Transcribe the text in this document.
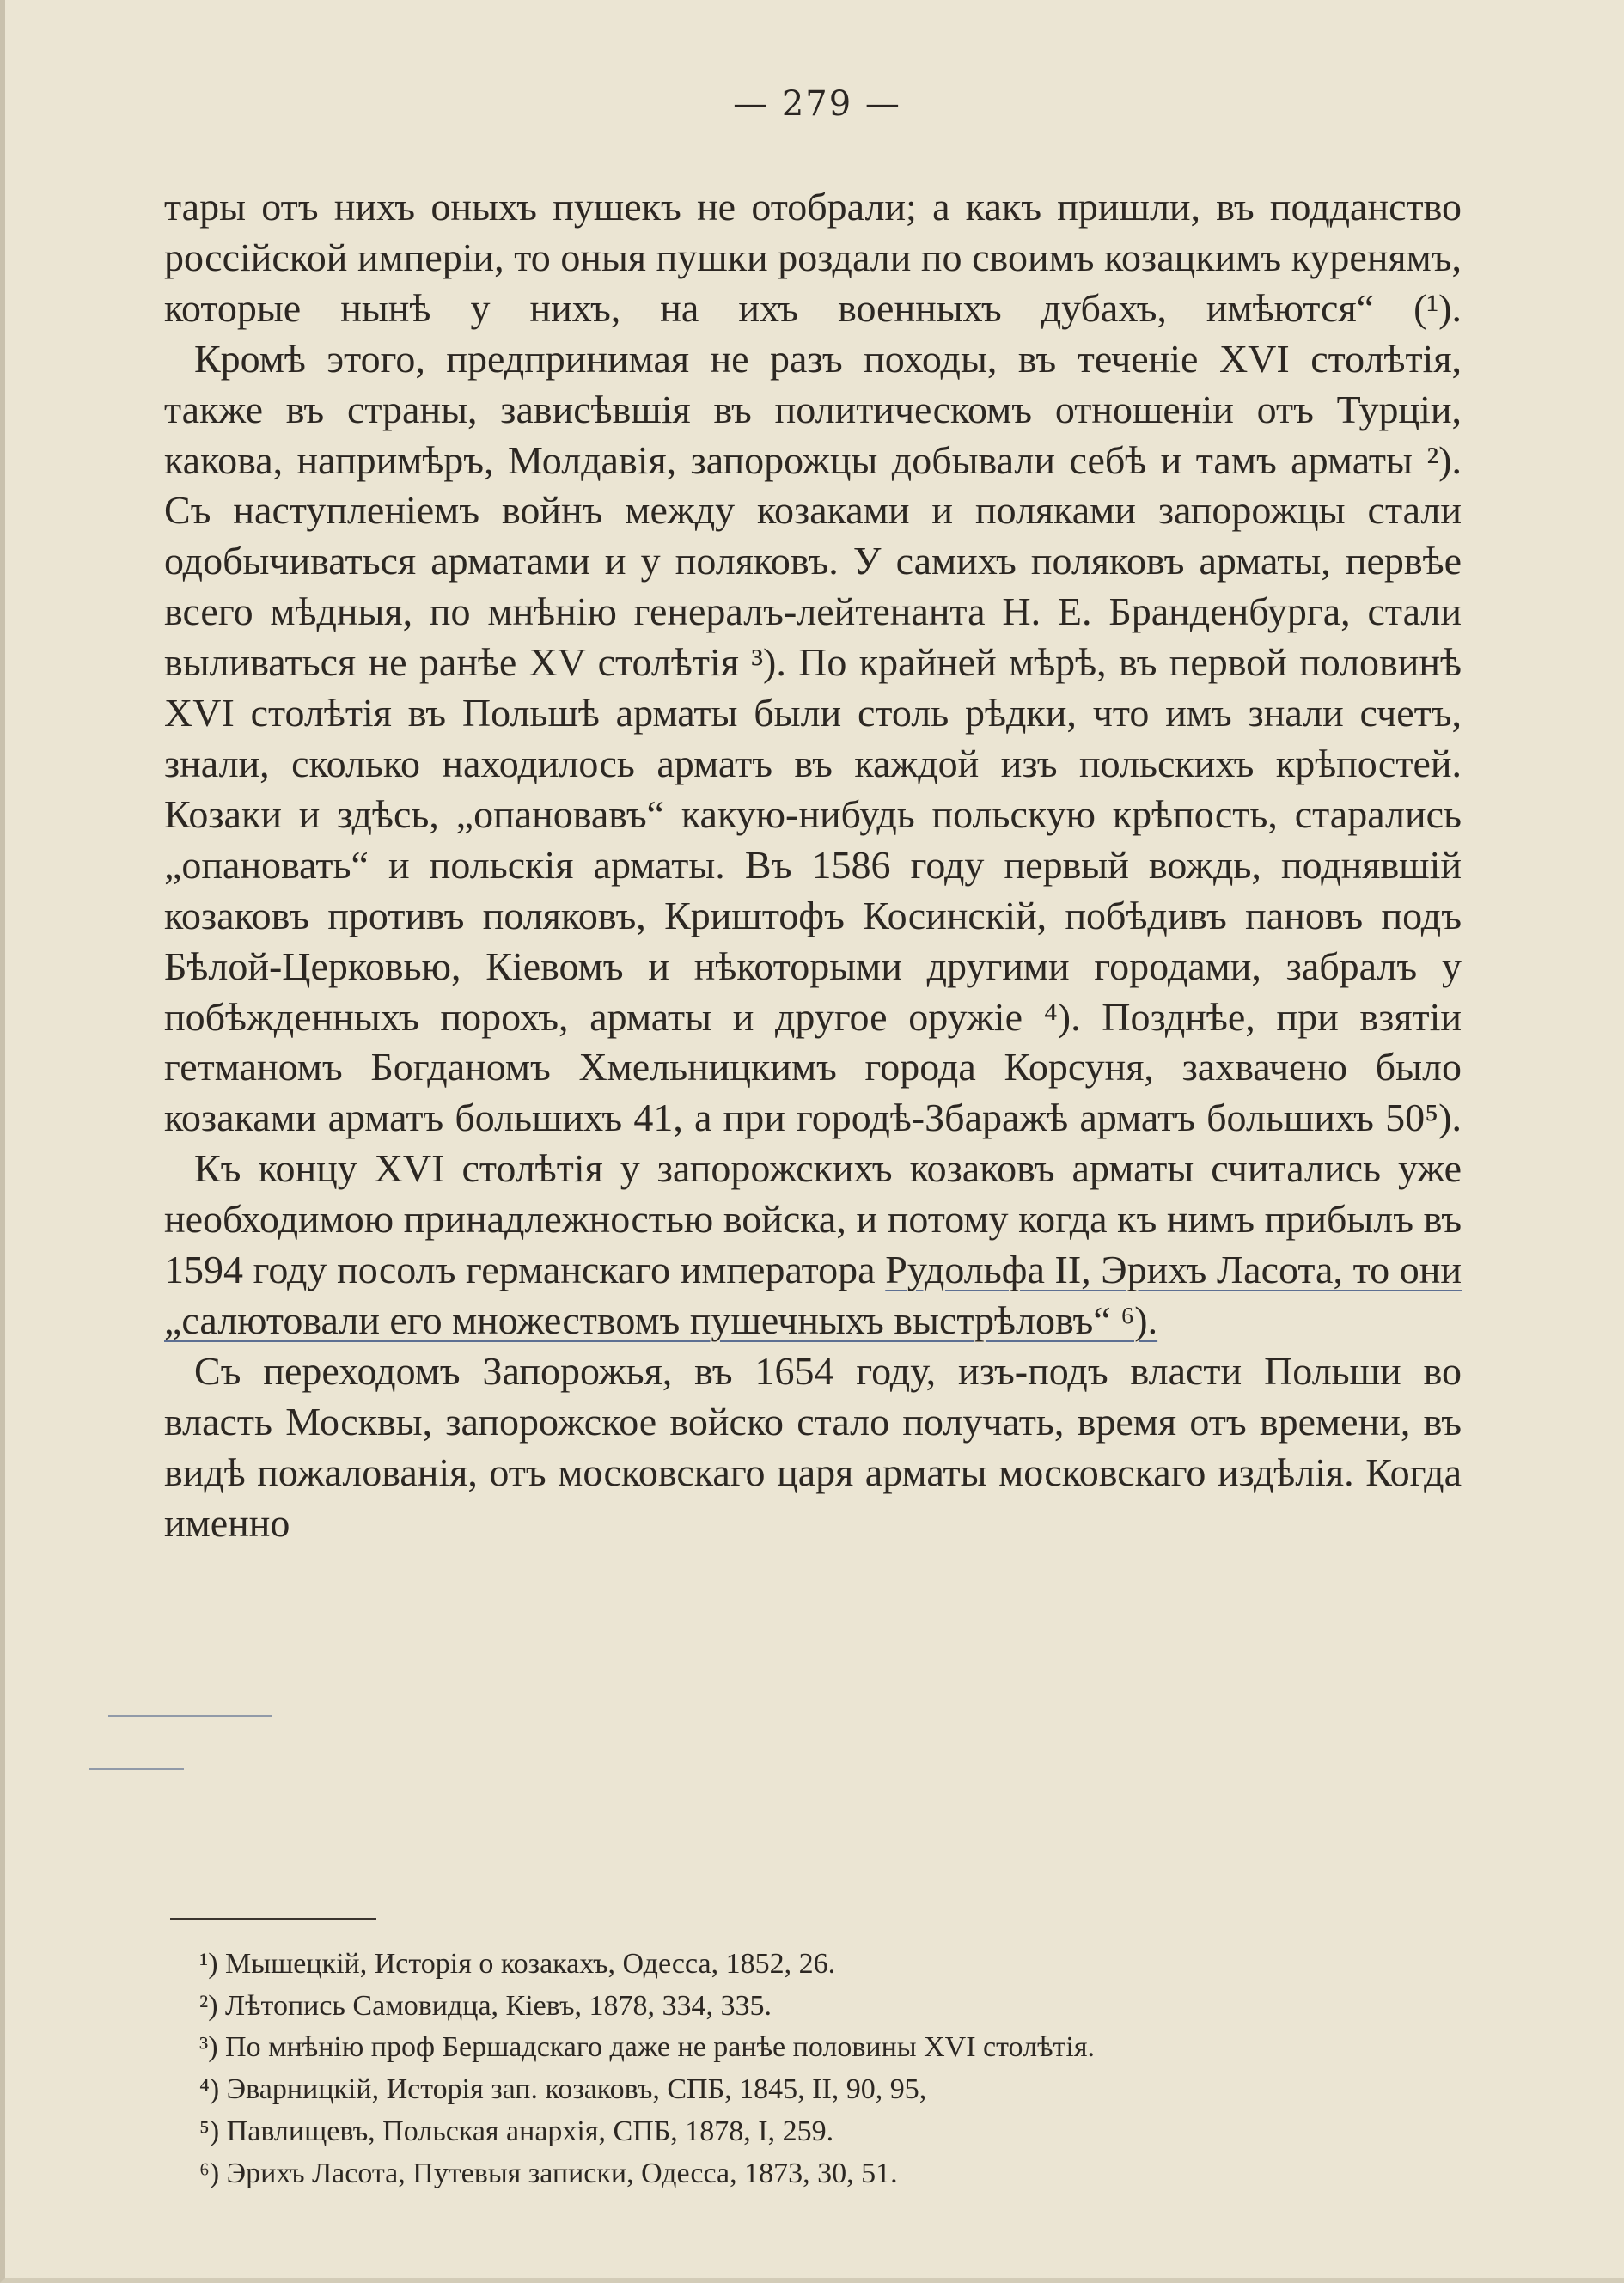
— 279 —

тары отъ нихъ оныхъ пушекъ не отобрали; а какъ пришли, въ подданство россійской имперіи, то оныя пушки роздали по своимъ козацкимъ куренямъ, которые нынѣ у нихъ, на ихъ военныхъ дубахъ, имѣются“ (¹).

Кромѣ этого, предпринимая не разъ походы, въ теченіе XVI столѣтія, также въ страны, зависѣвшія въ политическомъ отношеніи отъ Турціи, какова, напримѣръ, Молдавія, запорожцы добывали себѣ и тамъ арматы ²). Съ наступленіемъ войнъ между козаками и поляками запорожцы стали одобычиваться арматами и у поляковъ. У самихъ поляковъ арматы, первѣе всего мѣдныя, по мнѣнію генералъ-лейтенанта Н. Е. Бранденбурга, стали выливаться не ранѣе XV столѣтія ³). По крайней мѣрѣ, въ первой половинѣ XVI столѣтія въ Польшѣ арматы были столь рѣдки, что имъ знали счетъ, знали, сколько находилось арматъ въ каждой изъ польскихъ крѣпостей. Козаки и здѣсь, „опановавъ“ какую-нибудь польскую крѣпость, старались „опановать“ и польскія арматы. Въ 1586 году первый вождь, поднявшій козаковъ противъ поляковъ, Криштофъ Косинскій, побѣдивъ пановъ подъ Бѣлой-Церковью, Кіевомъ и нѣкоторыми другими городами, забралъ у побѣжденныхъ порохъ, арматы и другое оружіе ⁴). Позднѣе, при взятіи гетманомъ Богданомъ Хмельницкимъ города Корсуня, захвачено было козаками арматъ большихъ 41, а при городѣ-Збаражѣ арматъ большихъ 50⁵).

Къ концу XVI столѣтія у запорожскихъ козаковъ арматы считались уже необходимою принадлежностью войска, и потому когда къ нимъ прибылъ въ 1594 году посолъ германскаго императора Рудольфа II, Эрихъ Ласота, то они „салютовали его множествомъ пушечныхъ выстрѣловъ“ ⁶).

Съ переходомъ Запорожья, въ 1654 году, изъ-подъ власти Польши во власть Москвы, запорожское войско стало получать, время отъ времени, въ видѣ пожалованія, отъ московскаго царя арматы московскаго издѣлія. Когда именно

¹) Мышецкій, Исторія о козакахъ, Одесса, 1852, 26.

²) Лѣтопись Самовидца, Кіевъ, 1878, 334, 335.

³) По мнѣнію проф Бершадскаго даже не ранѣе половины XVI столѣтія.

⁴) Эварницкій, Исторія зап. козаковъ, СПБ, 1845, II, 90, 95,

⁵) Павлищевъ, Польская анархія, СПБ, 1878, I, 259.

⁶) Эрихъ Ласота, Путевыя записки, Одесса, 1873, 30, 51.
